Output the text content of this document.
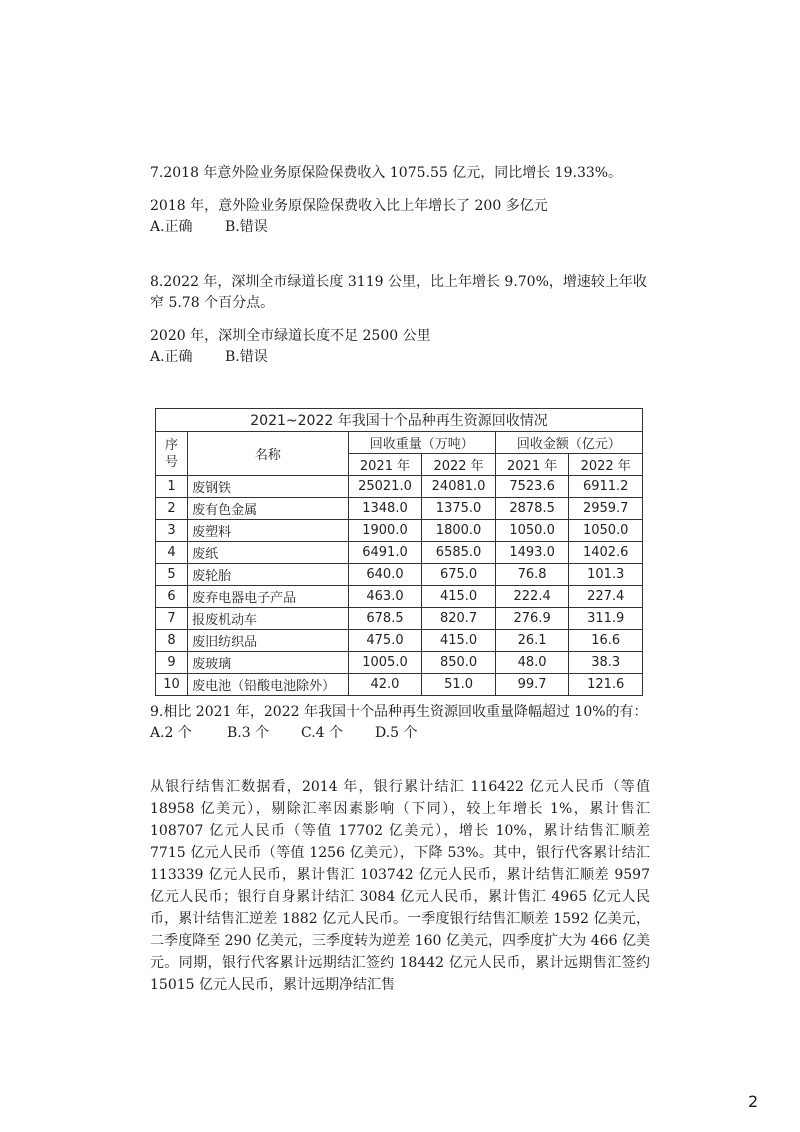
7.2018 年意外险业务原保险保费收入 1075.55 亿元，同比增长 19.33%。

2018 年，意外险业务原保险保费收入比上年增长了 200 多亿元

A.正确 B.错误

8.2022 年，深圳全市绿道长度 3119 公里，比上年增长 9.70%，增速较上年收窄 5.78 个百分点。

2020 年，深圳全市绿道长度不足 2500 公里

A.正确 B.错误

2021~2022 年我国十个品种再生资源回收情况					

序
号	名称	回收重量（万吨）		回收金额（亿元）	
		2021 年	2022 年	2021 年	2022 年
1	废钢铁	25021.0	24081.0	7523.6	6911.2
2	废有色金属	1348.0	1375.0	2878.5	2959.7
3	废塑料	1900.0	1800.0	1050.0	1050.0
4	废纸	6491.0	6585.0	1493.0	1402.6
5	废轮胎	640.0	675.0	76.8	101.3
6	废弃电器电子产品	463.0	415.0	222.4	227.4
7	报废机动车	678.5	820.7	276.9	311.9
8	废旧纺织品	475.0	415.0	26.1	16.6
9	废玻璃	1005.0	850.0	48.0	38.3
10	废电池（铅酸电池除外）	42.0	51.0	99.7	121.6

9.相比 2021 年，2022 年我国十个品种再生资源回收重量降幅超过 10%的有：

A.2 个	B.3 个 C.4 个 D.5 个

从银行结售汇数据看，2014 年，银行累计结汇 116422 亿元人民币（等值 18958 亿美元），剔除汇率因素影响（下同），较上年增长 1%，累计售汇 108707 亿元人民币（等值 17702 亿美元），增长 10%，累计结售汇顺差 7715 亿元人民币（等值 1256 亿美元），下降 53%。其中，银行代客累计结汇 113339 亿元人民币，累计售汇 103742 亿元人民币，累计结售汇顺差 9597 亿元人民币；银行自身累计结汇 3084 亿元人民币，累计售汇 4965 亿元人民币，累计结售汇逆差 1882 亿元人民币。一季度银行结售汇顺差 1592 亿美元，二季度降至 290 亿美元，三季度转为逆差 160 亿美元，四季度扩大为 466 亿美元。同期，银行代客累计远期结汇签约 18442 亿元人民币，累计远期售汇签约 15015 亿元人民币，累计远期净结汇售
2
